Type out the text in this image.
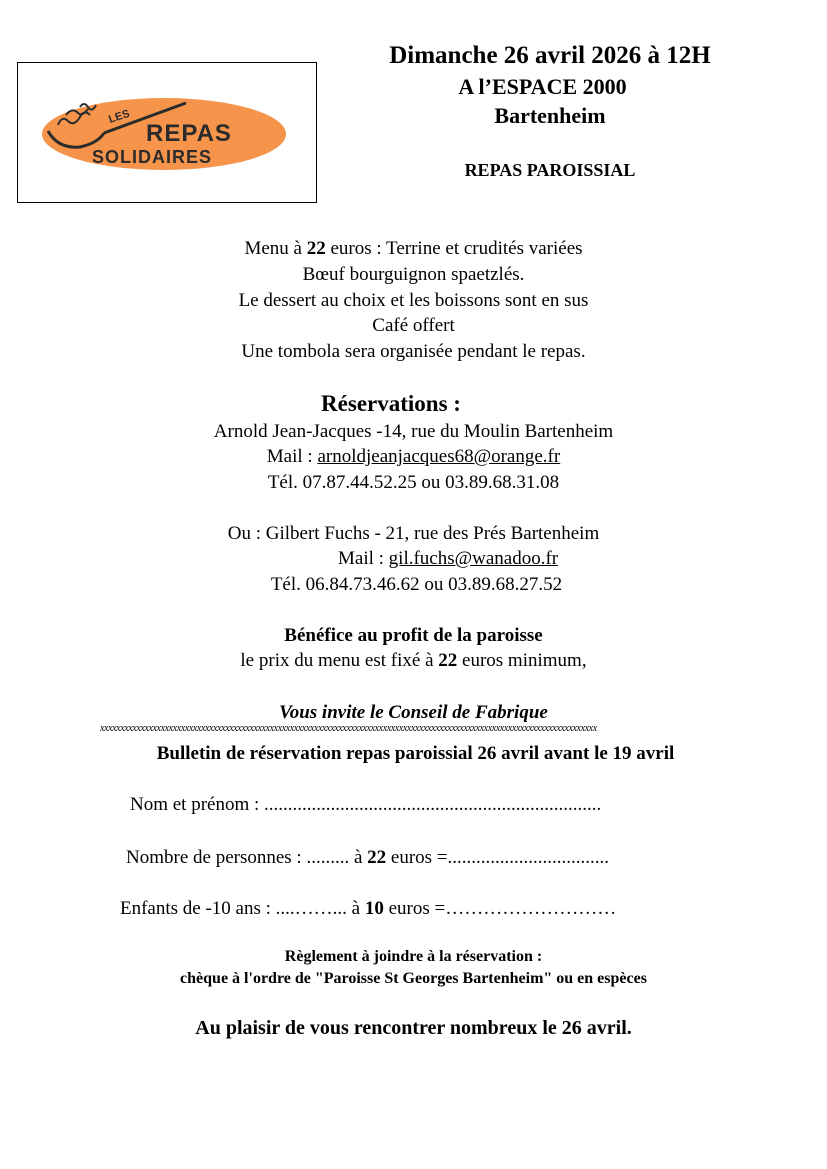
LES
REPAS
SOLIDAIRES
Dimanche 26 avril 2026 à 12H
A l’ESPACE 2000
Bartenheim
REPAS PAROISSIAL
Menu à 22 euros : Terrine et crudités variées
Bœuf bourguignon spaetzlés.
Le dessert au choix et les boissons sont en sus
Café offert
Une tombola sera organisée pendant le repas.
Réservations :
Arnold Jean-Jacques -14, rue du Moulin Bartenheim
Mail : arnoldjeanjacques68@orange.fr
Tél. 07.87.44.52.25 ou 03.89.68.31.08
Ou : Gilbert Fuchs - 21, rue des Prés Bartenheim
Mail : gil.fuchs@wanadoo.fr
Tél. 06.84.73.46.62 ou 03.89.68.27.52
Bénéfice au profit de la paroisse
le prix du menu est fixé à 22 euros minimum,
Vous invite le Conseil de Fabrique
xxxxxxxxxxxxxxxxxxxxxxxxxxxxxxxxxxxxxxxxxxxxxxxxxxxxxxxxxxxxxxxxxxxxxxxxxxxxxxxxxxxxxxxxxxxxxxxxxxxxxxxxxxxxxxxxxxxxxxxxxxx
Bulletin de réservation repas paroissial 26 avril avant le 19 avril
Nom et prénom : .......................................................................
Nombre de personnes : ......... à 22 euros =..................................
Enfants de -10 ans : ....……... à 10 euros =………………………
Règlement à joindre à la réservation :
chèque à l'ordre de "Paroisse St Georges Bartenheim" ou en espèces
Au plaisir de vous rencontrer nombreux le 26 avril.
